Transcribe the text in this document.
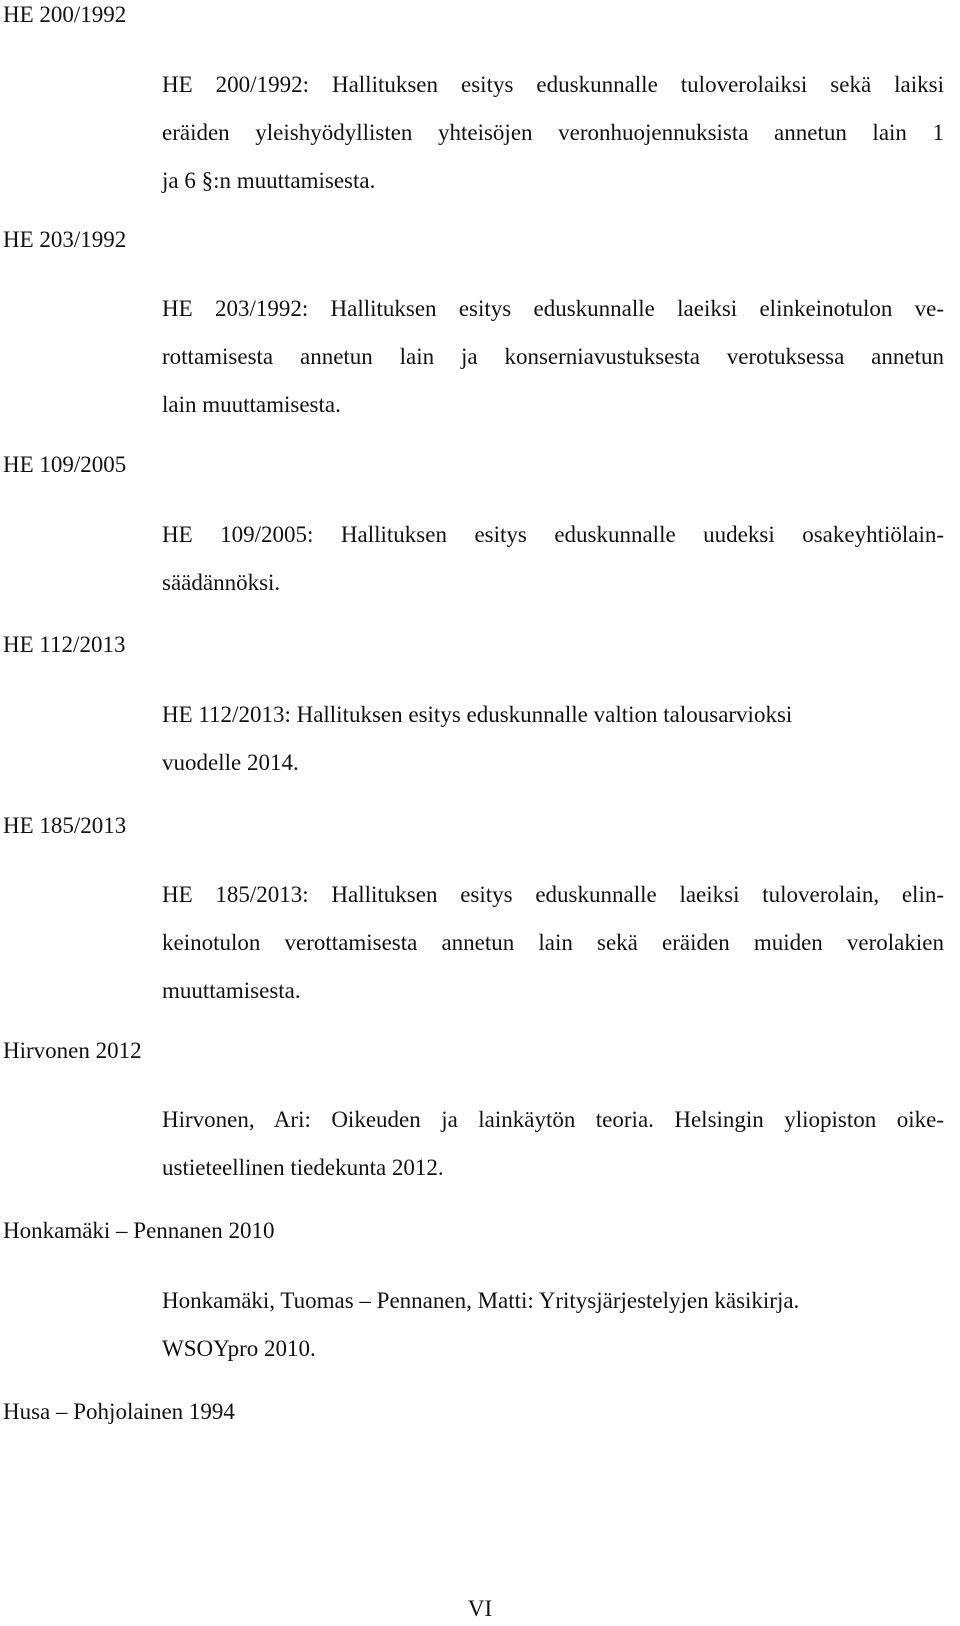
HE 200/1992
HE 200/1992: Hallituksen esitys eduskunnalle tuloverolaiksi sekä laiksi
eräiden yleishyödyllisten yhteisöjen veronhuojennuksista annetun lain 1
ja 6 §:n muuttamisesta.
HE 203/1992
HE 203/1992: Hallituksen esitys eduskunnalle laeiksi elinkeinotulon ve-
rottamisesta annetun lain ja konserniavustuksesta verotuksessa annetun
lain muuttamisesta.
HE 109/2005
HE 109/2005: Hallituksen esitys eduskunnalle uudeksi osakeyhtiölain-
säädännöksi.
HE 112/2013
HE 112/2013: Hallituksen esitys eduskunnalle valtion talousarvioksi
vuodelle 2014.
HE 185/2013
HE 185/2013: Hallituksen esitys eduskunnalle laeiksi tuloverolain, elin-
keinotulon verottamisesta annetun lain sekä eräiden muiden verolakien
muuttamisesta.
Hirvonen 2012
Hirvonen, Ari: Oikeuden ja lainkäytön teoria. Helsingin yliopiston oike-
ustieteellinen tiedekunta 2012.
Honkamäki – Pennanen 2010
Honkamäki, Tuomas – Pennanen, Matti: Yritysjärjestelyjen käsikirja.
WSOYpro 2010.
Husa – Pohjolainen 1994
VI
